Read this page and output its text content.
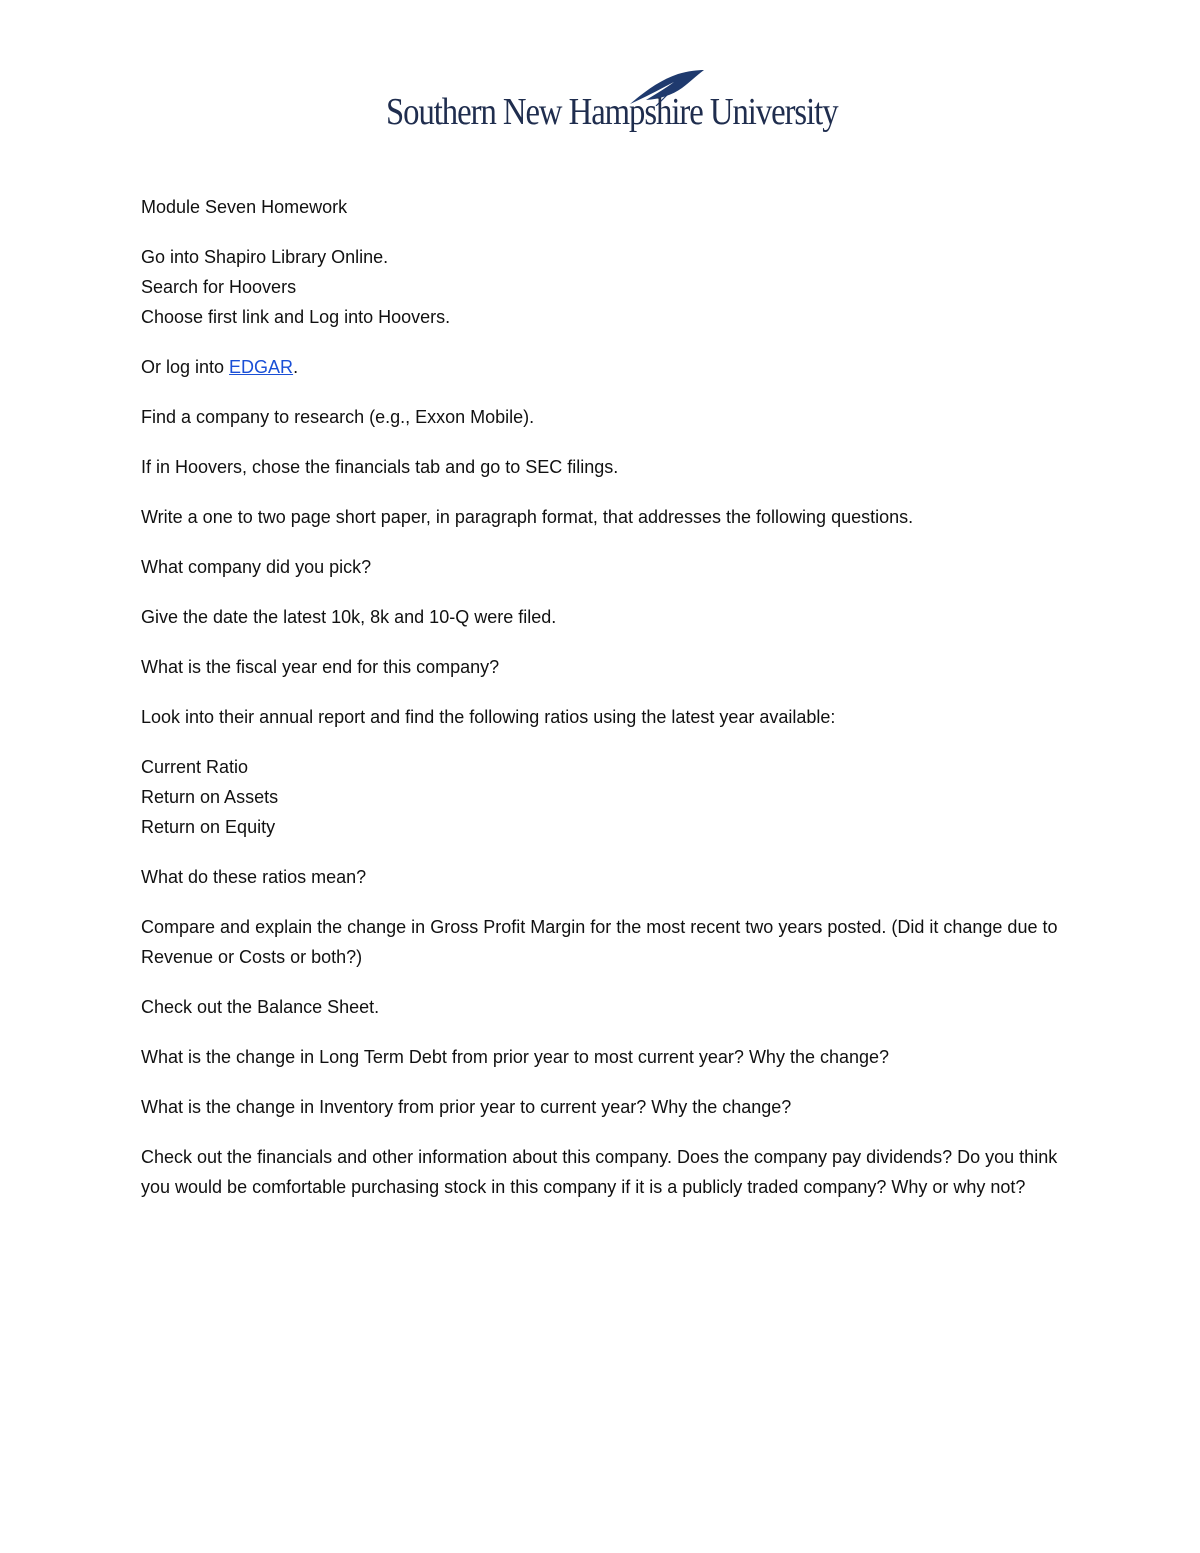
Southern New Hampshire University

Module Seven Homework

Go into Shapiro Library Online.

Search for Hoovers

Choose first link and Log into Hoovers.

Or log into EDGAR.

Find a company to research (e.g., Exxon Mobile).

If in Hoovers, chose the financials tab and go to SEC filings.

Write a one to two page short paper, in paragraph format, that addresses the following questions.

What company did you pick?

Give the date the latest 10k, 8k and 10-Q were filed.

What is the fiscal year end for this company?

Look into their annual report and find the following ratios using the latest year available:

Current Ratio

Return on Assets

Return on Equity

What do these ratios mean?

Compare and explain the change in Gross Profit Margin for the most recent two years posted. (Did it change due to Revenue or Costs or both?)

Check out the Balance Sheet.

What is the change in Long Term Debt from prior year to most current year? Why the change?

What is the change in Inventory from prior year to current year? Why the change?

Check out the financials and other information about this company. Does the company pay dividends? Do you think you would be comfortable purchasing stock in this company if it is a publicly traded company? Why or why not?
